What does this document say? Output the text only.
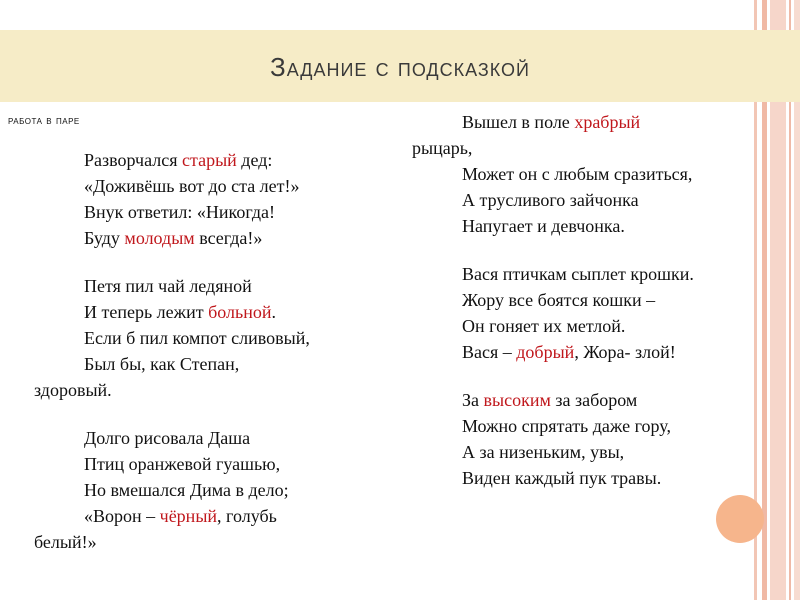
Задание с подсказкой
работа в паре
Разворчался старый дед:
«Доживёшь вот до ста лет!»
Внук ответил: «Никогда!
Буду молодым всегда!»
Петя пил чай ледяной
И теперь лежит больной.
Если б пил компот сливовый,
Был бы, как Степан,
здоровый.
Долго рисовала Даша
Птиц оранжевой гуашью,
Но вмешался Дима в дело;
«Ворон – чёрный, голубь
белый!»
Вышел в поле храбрый
рыцарь,
Может он с любым сразиться,
А трусливого зайчонка
Напугает и девчонка.
Вася птичкам сыплет крошки.
Жору все боятся кошки –
Он гоняет их метлой.
Вася – добрый, Жора- злой!
За высоким за забором
Можно спрятать даже гору,
А за низеньким, увы,
Виден каждый пук травы.
